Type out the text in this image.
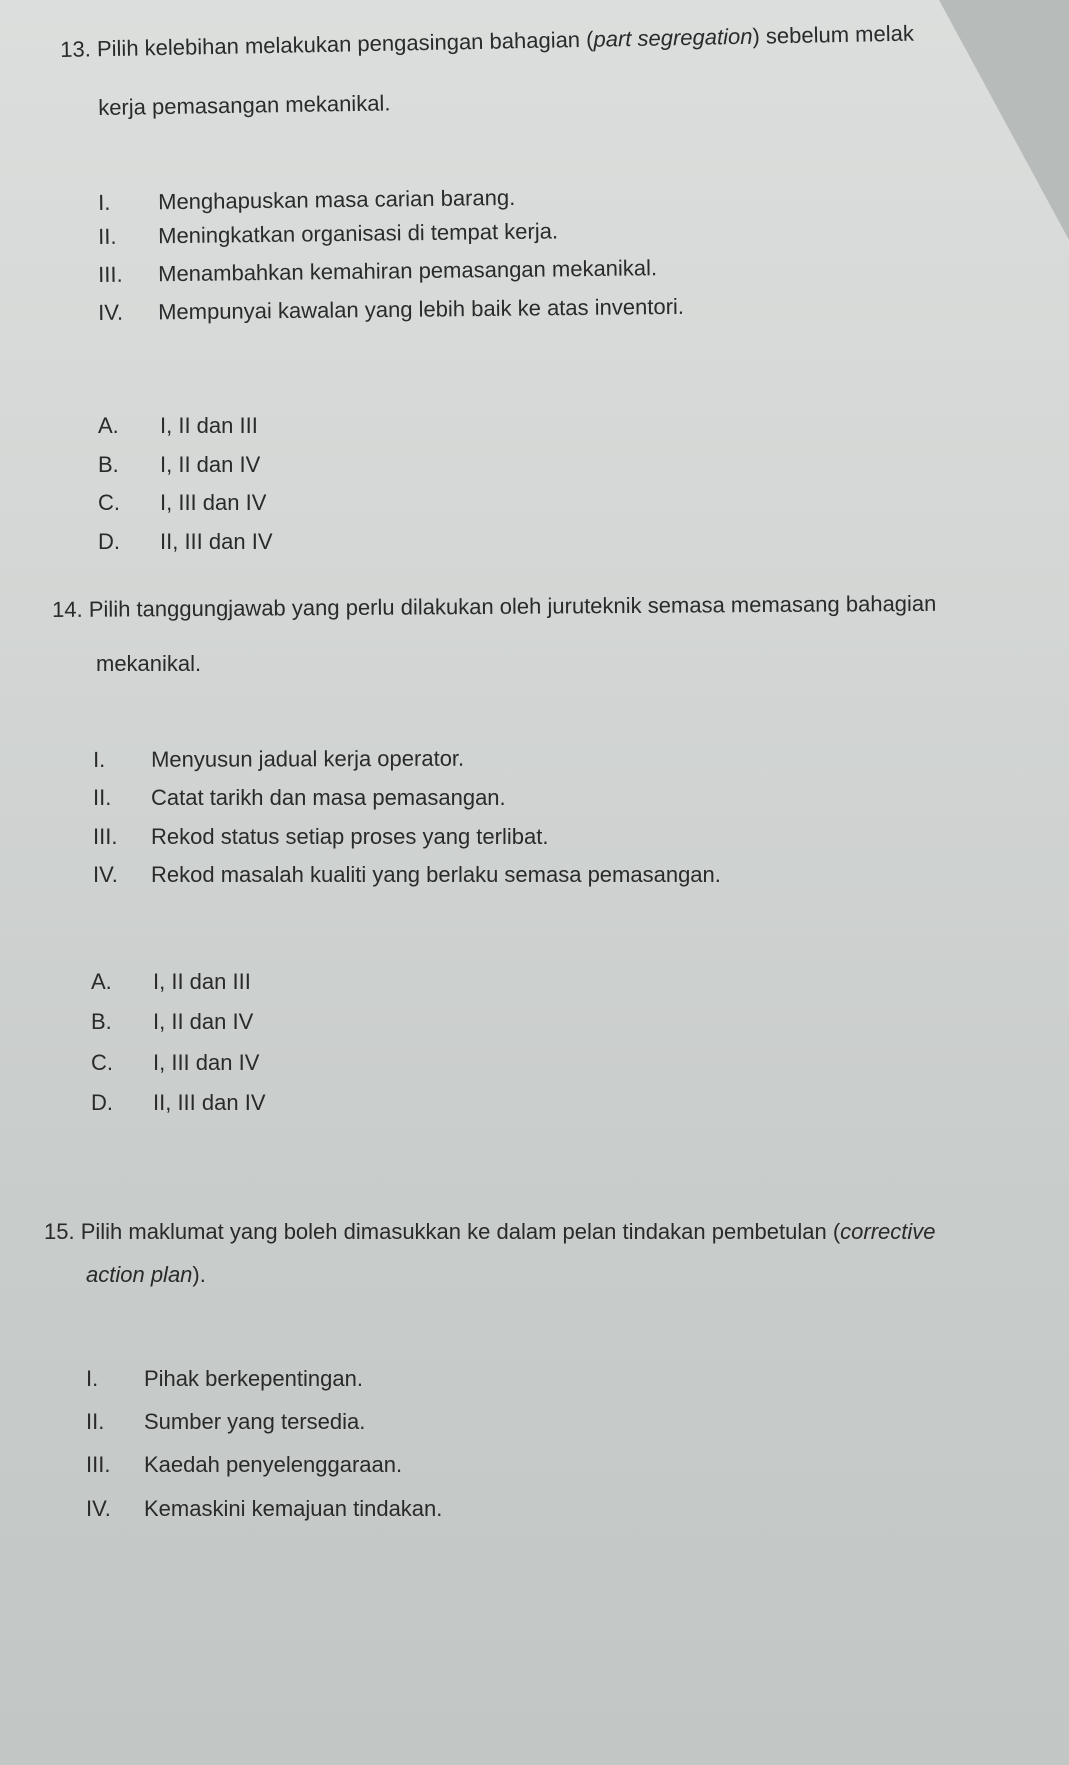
13. Pilih kelebihan melakukan pengasingan bahagian (part segregation) sebelum melak
kerja pemasangan mekanikal.
I.	Menghapuskan masa carian barang.
II.	Meningkatkan organisasi di tempat kerja.
III.	Menambahkan kemahiran pemasangan mekanikal.
IV.	Mempunyai kawalan yang lebih baik ke atas inventori.
A.	I, II dan III
B.	I, II dan IV
C.	I, III dan IV
D.	II, III dan IV
14. Pilih tanggungjawab yang perlu dilakukan oleh juruteknik semasa memasang bahagian
mekanikal.
I.	Menyusun jadual kerja operator.
II.	Catat tarikh dan masa pemasangan.
III.	Rekod status setiap proses yang terlibat.
IV.	Rekod masalah kualiti yang berlaku semasa pemasangan.
A.	I, II dan III
B.	I, II dan IV
C.	I, III dan IV
D.	II, III dan IV
15. Pilih maklumat yang boleh dimasukkan ke dalam pelan tindakan pembetulan (corrective
action plan).
I.	Pihak berkepentingan.
II.	Sumber yang tersedia.
III.	Kaedah penyelenggaraan.
IV.	Kemaskini kemajuan tindakan.
